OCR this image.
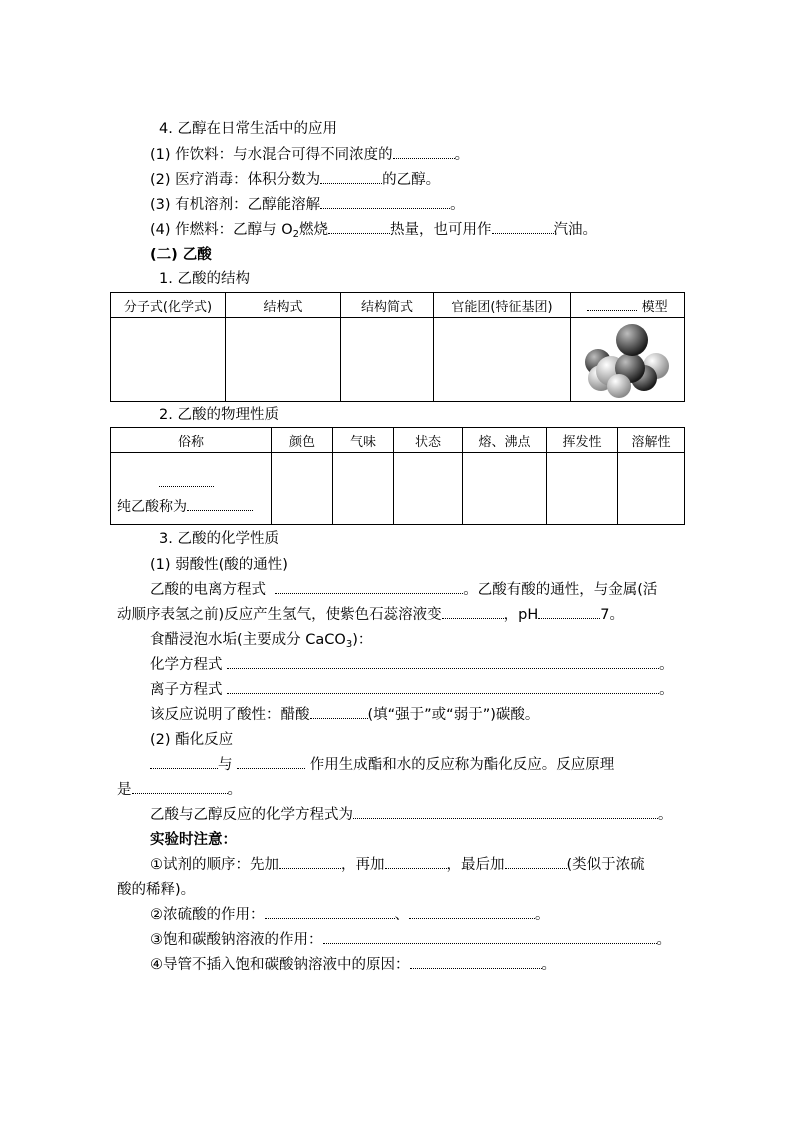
4. 乙醇在日常生活中的应用
(1) 作饮料：与水混合可得不同浓度的	。
(2) 医疗消毒：体积分数为	的乙醇。
(3) 有机溶剂：乙醇能溶解	。
(4) 作燃料：乙醇与 $O_2$燃烧	热量，也可用作	汽油。
(二) 乙酸
1. 乙酸的结构
分子式(化学式)	结构式	结构简式	官能团(特征基团)	模型

2. 乙酸的物理性质
俗称	颜色	气味	状态	熔、沸点	挥发性	溶解性

纯乙酸称为						

3. 乙酸的化学性质
(1) 弱酸性(酸的通性)
乙酸的电离方程式	。乙酸有酸的通性，与金属(活
动顺序表氢之前)反应产生氢气，使紫色石蕊溶液变	，pH	7。
食醋浸泡水垢(主要成分 CaCO$_3$)：
化学方程式	。
离子方程式	。
该反应说明了酸性：醋酸	(填“强于”或“弱于”)碳酸。
(2) 酯化反应
与	作用生成酯和水的反应称为酯化反应。反应原理
是	。
乙酸与乙醇反应的化学方程式为	。
实验时注意：
①试剂的顺序：先加	，再加	，最后加	(类似于浓硫
酸的稀释)。
②浓硫酸的作用：	、	。
③饱和碳酸钠溶液的作用：	。
④导管不插入饱和碳酸钠溶液中的原因：	。
